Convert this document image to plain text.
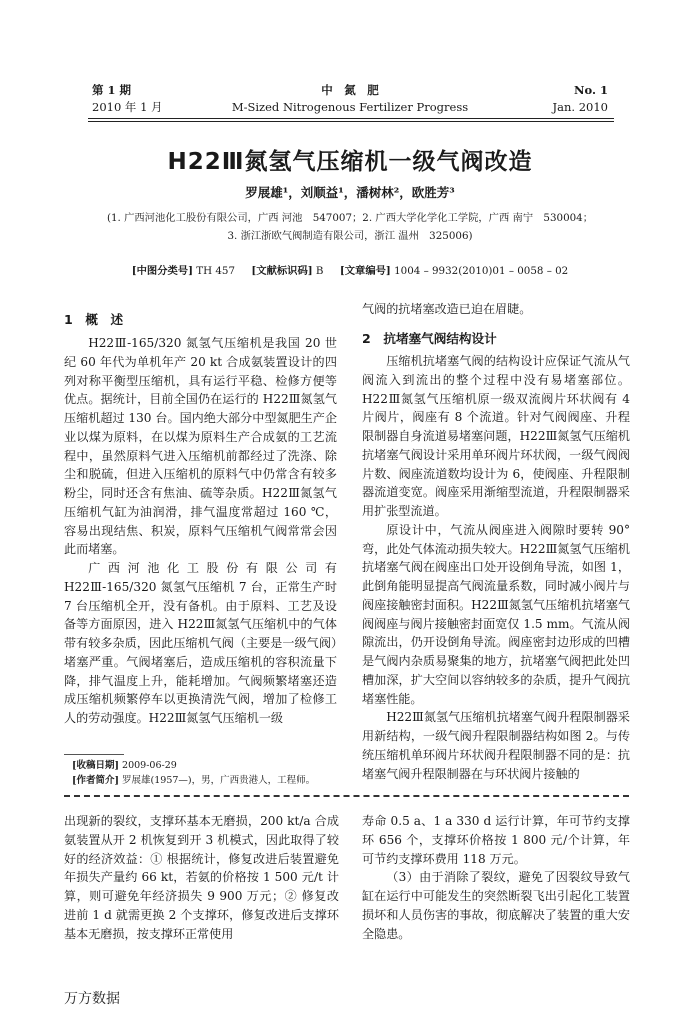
第 1 期
2010 年 1 月
中　氮　肥
M-Sized Nitrogenous Fertilizer Progress
No. 1
Jan. 2010
H22Ⅲ氮氢气压缩机一级气阀改造
罗展雄¹，刘顺益¹，潘树林²，欧胜芳³
(1. 广西河池化工股份有限公司，广西 河池　547007；2. 广西大学化学化工学院，广西 南宁　530004；
3. 浙江浙欧气阀制造有限公司，浙江 温州　325006)
[中图分类号] TH 457 [文献标识码] B [文章编号] 1004 – 9932(2010)01 – 0058 – 02
1　概　述

H22Ⅲ-165/320 氮氢气压缩机是我国 20 世纪 60 年代为单机年产 20 kt 合成氨装置设计的四列对称平衡型压缩机，具有运行平稳、检修方便等优点。据统计，目前全国仍在运行的 H22Ⅲ氮氢气压缩机超过 130 台。国内绝大部分中型氮肥生产企业以煤为原料，在以煤为原料生产合成氨的工艺流程中，虽然原料气进入压缩机前都经过了洗涤、除尘和脱硫，但进入压缩机的原料气中仍常含有较多粉尘，同时还含有焦油、硫等杂质。H22Ⅲ氮氢气压缩机气缸为油润滑，排气温度常超过 160 ℃，容易出现结焦、积炭，原料气压缩机气阀常常会因此而堵塞。

广西河池化工股份有限公司有 H22Ⅲ-165/320 氮氢气压缩机 7 台，正常生产时 7 台压缩机全开，没有备机。由于原料、工艺及设备等方面原因，进入 H22Ⅲ氮氢气压缩机中的气体带有较多杂质，因此压缩机气阀（主要是一级气阀）堵塞严重。气阀堵塞后，造成压缩机的容积流量下降，排气温度上升，能耗增加。气阀频繁堵塞还造成压缩机频繁停车以更换清洗气阀，增加了检修工人的劳动强度。H22Ⅲ氮氢气压缩机一级

[收稿日期] 2009-06-29
[作者简介] 罗展雄(1957—)，男，广西贵港人，工程师。

气阀的抗堵塞改造已迫在眉睫。

2　抗堵塞气阀结构设计

压缩机抗堵塞气阀的结构设计应保证气流从气阀流入到流出的整个过程中没有易堵塞部位。H22Ⅲ氮氢气压缩机原一级双流阀片环状阀有 4 片阀片，阀座有 8 个流道。针对气阀阀座、升程限制器自身流道易堵塞问题，H22Ⅲ氮氢气压缩机抗堵塞气阀设计采用单环阀片环状阀，一级气阀阀片数、阀座流道数均设计为 6，使阀座、升程限制器流道变宽。阀座采用渐缩型流道，升程限制器采用扩张型流道。

原设计中，气流从阀座进入阀隙时要转 90° 弯，此处气体流动损失较大。H22Ⅲ氮氢气压缩机抗堵塞气阀在阀座出口处开设倒角导流，如图 1，此倒角能明显提高气阀流量系数，同时减小阀片与阀座接触密封面积。H22Ⅲ氮氢气压缩机抗堵塞气阀阀座与阀片接触密封面宽仅 1.5 mm。气流从阀隙流出，仍开设倒角导流。阀座密封边形成的凹槽是气阀内杂质易聚集的地方，抗堵塞气阀把此处凹槽加深，扩大空间以容纳较多的杂质，提升气阀抗堵塞性能。

H22Ⅲ氮氢气压缩机抗堵塞气阀升程限制器采用新结构，一级气阀升程限制器结构如图 2。与传统压缩机单环阀片环状阀升程限制器不同的是：抗堵塞气阀升程限制器在与环状阀片接触的

出现新的裂纹，支撑环基本无磨损，200 kt/a 合成氨装置从开 2 机恢复到开 3 机模式，因此取得了较好的经济效益：① 根据统计，修复改进后装置避免年损失产量约 66 kt，若氨的价格按 1 500 元/t 计算，则可避免年经济损失 9 900 万元；② 修复改进前 1 d 就需更换 2 个支撑环，修复改进后支撑环基本无磨损，按支撑环正常使用

寿命 0.5 a、1 a 330 d 运行计算，年可节约支撑环 656 个，支撑环价格按 1 800 元/个计算，年可节约支撑环费用 118 万元。

（3）由于消除了裂纹，避免了因裂纹导致气缸在运行中可能发生的突然断裂飞出引起化工装置损坏和人员伤害的事故，彻底解决了装置的重大安全隐患。

万方数据
